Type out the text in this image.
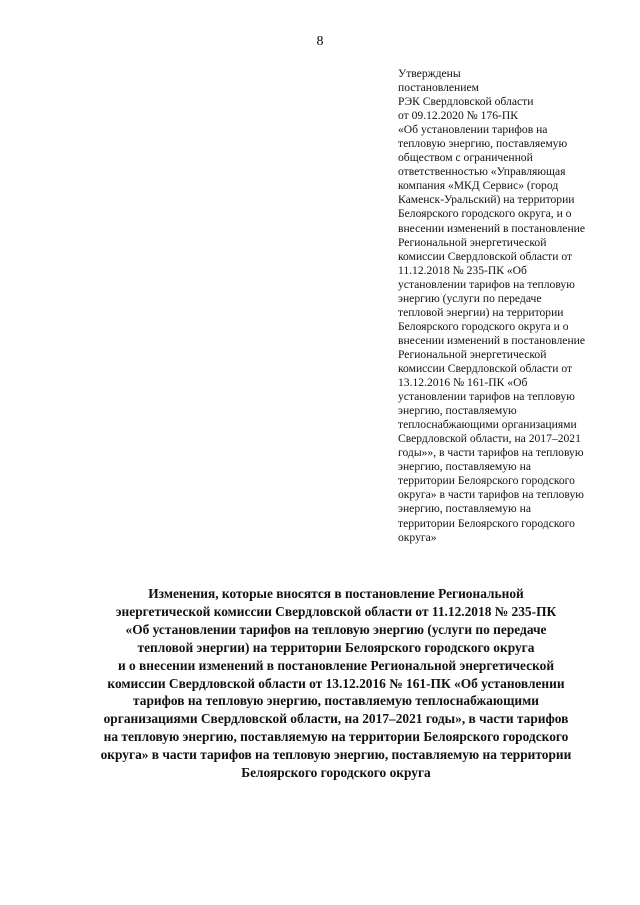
8
Утверждены
постановлением
РЭК Свердловской области
от 09.12.2020 № 176-ПК
«Об установлении тарифов на
тепловую энергию, поставляемую
обществом с ограниченной
ответственностью «Управляющая
компания «МКД Сервис» (город
Каменск-Уральский) на территории
Белоярского городского округа, и о
внесении изменений в постановление
Региональной энергетической
комиссии Свердловской области от
11.12.2018 № 235-ПК «Об
установлении тарифов на тепловую
энергию (услуги по передаче
тепловой энергии) на территории
Белоярского городского округа и о
внесении изменений в постановление
Региональной энергетической
комиссии Свердловской области от
13.12.2016 № 161-ПК «Об
установлении тарифов на тепловую
энергию, поставляемую
теплоснабжающими организациями
Свердловской области, на 2017–2021
годы»», в части тарифов на тепловую
энергию, поставляемую на
территории Белоярского городского
округа» в части тарифов на тепловую
энергию, поставляемую на
территории Белоярского городского
округа»
Изменения, которые вносятся в постановление Региональной
энергетической комиссии Свердловской области от 11.12.2018 № 235-ПК
«Об установлении тарифов на тепловую энергию (услуги по передаче
тепловой энергии) на территории Белоярского городского округа
и о внесении изменений в постановление Региональной энергетической
комиссии Свердловской области от 13.12.2016 № 161-ПК «Об установлении
тарифов на тепловую энергию, поставляемую теплоснабжающими
организациями Свердловской области, на 2017–2021 годы», в части тарифов
на тепловую энергию, поставляемую на территории Белоярского городского
округа» в части тарифов на тепловую энергию, поставляемую на территории
Белоярского городского округа
